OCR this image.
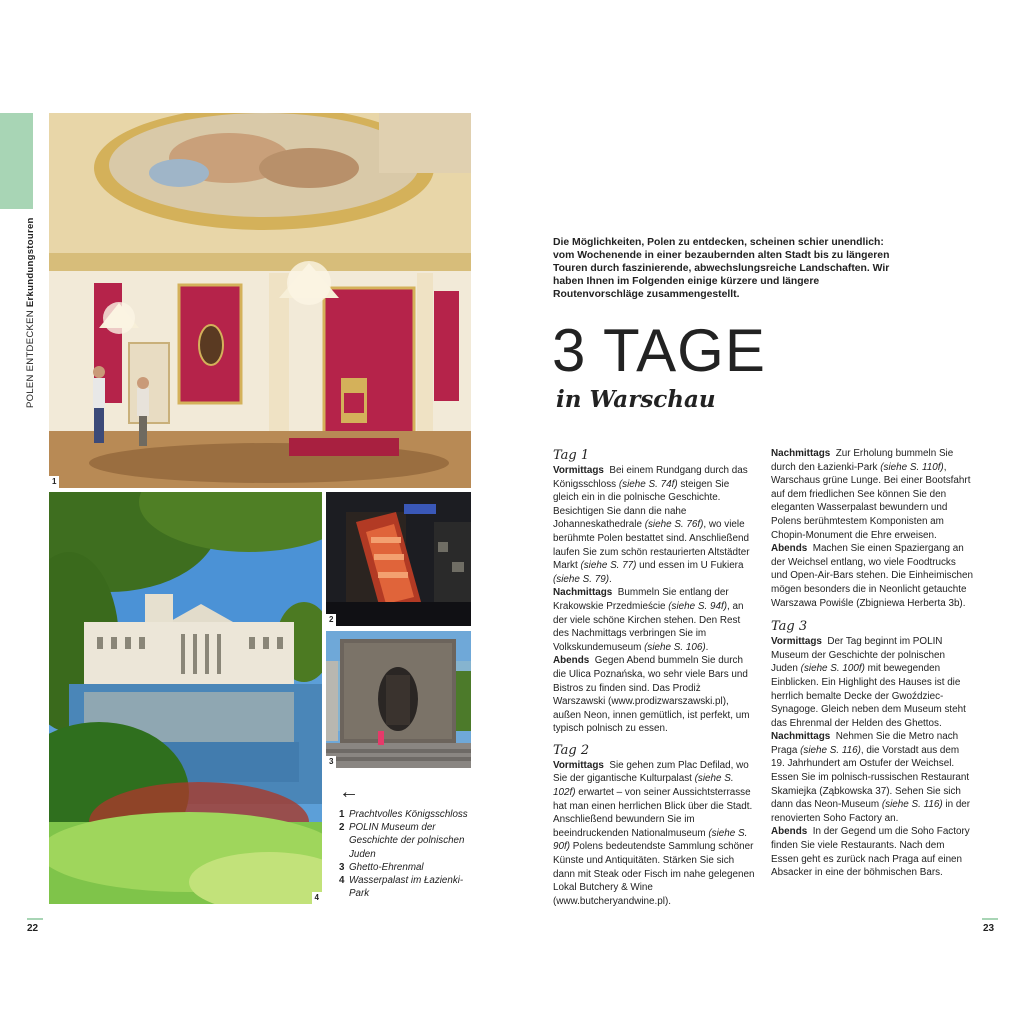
POLEN ENTDECKEN Erkundungstouren
1
4
2
3
←
1 Prachtvolles Königsschloss
2 POLIN Museum der Geschichte der polnischen Juden
3 Ghetto-Ehrenmal
4 Wasserpalast im Łazienki-Park
22	23
Die Möglichkeiten, Polen zu entdecken, scheinen schier unendlich: vom Wochenende in einer bezaubernden alten Stadt bis zu längeren Touren durch faszinierende, abwechslungsreiche Landschaften. Wir haben Ihnen im Folgenden einige kürzere und längere Routenvorschläge zusammengestellt.
3 TAGE
in Warschau
Tag 1

Vormittags Bei einem Rundgang durch das Königsschloss (siehe S. 74f) steigen Sie gleich ein in die polnische Geschichte. Besichtigen Sie dann die nahe Johanneskathedrale (siehe S. 76f), wo viele berühmte Polen bestattet sind. Anschließend laufen Sie zum schön restaurierten Altstädter Markt (siehe S. 77) und essen im U Fukiera (siehe S. 79).

Nachmittags Bummeln Sie entlang der Krakowskie Przedmieście (siehe S. 94f), an der viele schöne Kirchen stehen. Den Rest des Nachmittags verbringen Sie im Volkskundemuseum (siehe S. 106).

Abends Gegen Abend bummeln Sie durch die Ulica Poznańska, wo sehr viele Bars und Bistros zu finden sind. Das Prodiż Warszawski (www.prodizwarszawski.pl), außen Neon, innen gemütlich, ist perfekt, um typisch polnisch zu essen.

Tag 2

Vormittags Sie gehen zum Plac Defilad, wo Sie der gigantische Kulturpalast (siehe S. 102f) erwartet – von seiner Aussichtsterrasse hat man einen herrlichen Blick über die Stadt. Anschließend bewundern Sie im beeindruckenden Nationalmuseum (siehe S. 90f) Polens bedeutendste Sammlung schöner Künste und Antiquitäten. Stärken Sie sich dann mit Steak oder Fisch im nahe gelegenen Lokal Butchery & Wine (www.butcheryandwine.pl).

Nachmittags Zur Erholung bummeln Sie durch den Łazienki-Park (siehe S. 110f), Warschaus grüne Lunge. Bei einer Bootsfahrt auf dem friedlichen See können Sie den eleganten Wasserpalast bewundern und Polens berühmtestem Komponisten am Chopin-Monument die Ehre erweisen.

Abends Machen Sie einen Spaziergang an der Weichsel entlang, wo viele Foodtrucks und Open-Air-Bars stehen. Die Einheimischen mögen besonders die in Neonlicht getauchte Warszawa Powiśle (Zbigniewa Herberta 3b).

Tag 3

Vormittags Der Tag beginnt im POLIN Museum der Geschichte der polnischen Juden (siehe S. 100f) mit bewegenden Einblicken. Ein Highlight des Hauses ist die herrlich bemalte Decke der Gwoździec-Synagoge. Gleich neben dem Museum steht das Ehrenmal der Helden des Ghettos.

Nachmittags Nehmen Sie die Metro nach Praga (siehe S. 116), die Vorstadt aus dem 19. Jahrhundert am Ostufer der Weichsel. Essen Sie im polnisch-russischen Restaurant Skamiejka (Ząbkowska 37). Sehen Sie sich dann das Neon-Museum (siehe S. 116) in der renovierten Soho Factory an.

Abends In der Gegend um die Soho Factory finden Sie viele Restaurants. Nach dem Essen geht es zurück nach Praga auf einen Absacker in eine der böhmischen Bars.
